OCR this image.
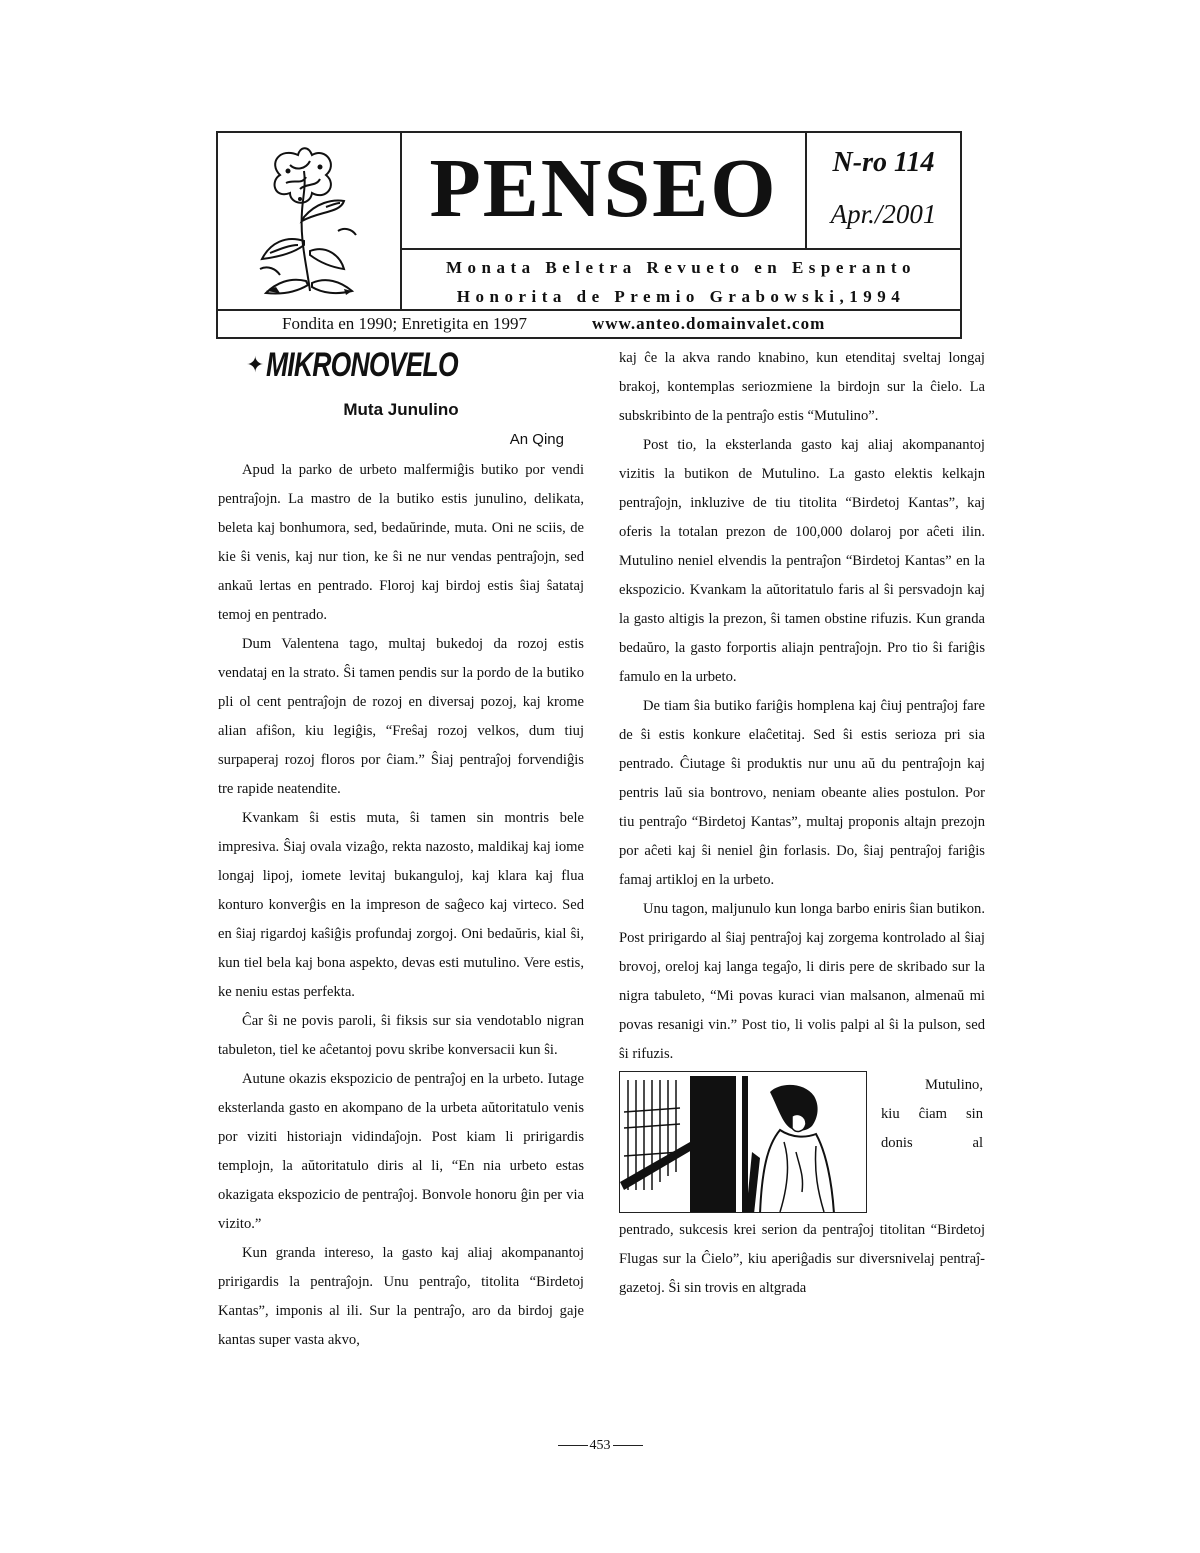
PENSEO	N-ro 114
Apr./2001
Monata Beletra Revueto en Esperanto
Honorita de Premio Grabowski,1994
Fondita en 1990; Enretigita en 1997	www.anteo.domainvalet.com
✦ MIKRONOVELO
Muta Junulino
An Qing

Apud la parko de urbeto malfermiĝis butiko por vendi pentraĵojn. La mastro de la butiko estis junulino, delikata, beleta kaj bonhumora, sed, bedaŭrinde, muta. Oni ne sciis, de kie ŝi venis, kaj nur tion, ke ŝi ne nur vendas pentraĵojn, sed ankaŭ lertas en pentrado. Floroj kaj birdoj estis ŝiaj ŝatataj temoj en pentrado.

Dum Valentena tago, multaj bukedoj da rozoj estis vendataj en la strato. Ŝi tamen pendis sur la pordo de la butiko pli ol cent pentraĵojn de rozoj en diversaj pozoj, kaj krome alian afiŝon, kiu legiĝis, “Freŝaj rozoj velkos, dum tiuj surpaperaj rozoj floros por ĉiam.” Ŝiaj pentraĵoj forvendiĝis tre rapide neatendite.

Kvankam ŝi estis muta, ŝi tamen sin montris bele impresiva. Ŝiaj ovala vizaĝo, rekta nazosto, maldikaj kaj iome longaj lipoj, iomete levitaj bukanguloj, kaj klara kaj flua konturo konverĝis en la impreson de saĝeco kaj virteco. Sed en ŝiaj rigardoj kaŝiĝis profundaj zorgoj. Oni bedaŭris, kial ŝi, kun tiel bela kaj bona aspekto, devas esti mutulino. Vere estis, ke neniu estas perfekta.

Ĉar ŝi ne povis paroli, ŝi fiksis sur sia vendotablo nigran tabuleton, tiel ke aĉetantoj povu skribe konversacii kun ŝi.

Autune okazis ekspozicio de pentraĵoj en la urbeto. Iutage eksterlanda gasto en akompano de la urbeta aŭtoritatulo venis por viziti historiajn vidindaĵojn. Post kiam li pririgardis templojn, la aŭtoritatulo diris al li, “En nia urbeto estas okazigata ekspozicio de pentraĵoj. Bonvole honoru ĝin per via vizito.”

Kun granda intereso, la gasto kaj aliaj akompanantoj pririgardis la pentraĵojn. Unu pentraĵo, titolita “Birdetoj Kantas”, imponis al ili. Sur la pentraĵo, aro da birdoj gaje kantas super vasta akvo,

kaj ĉe la akva rando knabino, kun etenditaj sveltaj longaj brakoj, kontemplas seriozmiene la birdojn sur la ĉielo. La subskribinto de la pentraĵo estis “Mutulino”.

Post tio, la eksterlanda gasto kaj aliaj akompanantoj vizitis la butikon de Mutulino. La gasto elektis kelkajn pentraĵojn, inkluzive de tiu titolita “Birdetoj Kantas”, kaj oferis la totalan prezon de 100,000 dolaroj por aĉeti ilin. Mutulino neniel elvendis la pentraĵon “Birdetoj Kantas” en la ekspozicio. Kvankam la aŭtoritatulo faris al ŝi persvadojn kaj la gasto altigis la prezon, ŝi tamen obstine rifuzis. Kun granda bedaŭro, la gasto forportis aliajn pentraĵojn. Pro tio ŝi fariĝis famulo en la urbeto.

De tiam ŝia butiko fariĝis homplena kaj ĉiuj pentraĵoj fare de ŝi estis konkure elaĉetitaj. Sed ŝi estis serioza pri sia pentrado. Ĉiutage ŝi produktis nur unu aŭ du pentraĵojn kaj pentris laŭ sia bontrovo, neniam obeante alies postulon. Por tiu pentraĵo “Birdetoj Kantas”, multaj proponis altajn prezojn por aĉeti kaj ŝi neniel ĝin forlasis. Do, ŝiaj pentraĵoj fariĝis famaj artikloj en la urbeto.

Unu tagon, maljunulo kun longa barbo eniris ŝian butikon. Post pririgardo al ŝiaj pentraĵoj kaj zorgema kontrolado al ŝiaj brovoj, oreloj kaj langa tegaĵo, li diris pere de skribado sur la nigra tabuleto, “Mi povas kuraci vian malsanon, almenaŭ mi povas resanigi vin.” Post tio, li volis palpi al ŝi la pulson, sed ŝi rifuzis.

Mutulino,
kiu ĉiam sin
donis al

pentrado, sukcesis krei serion da pentraĵoj titolitan “Birdetoj Flugas sur la Ĉielo”, kiu aperiĝadis sur diversnivelaj pentraĵ-gazetoj. Ŝi sin trovis en altgrada

453
